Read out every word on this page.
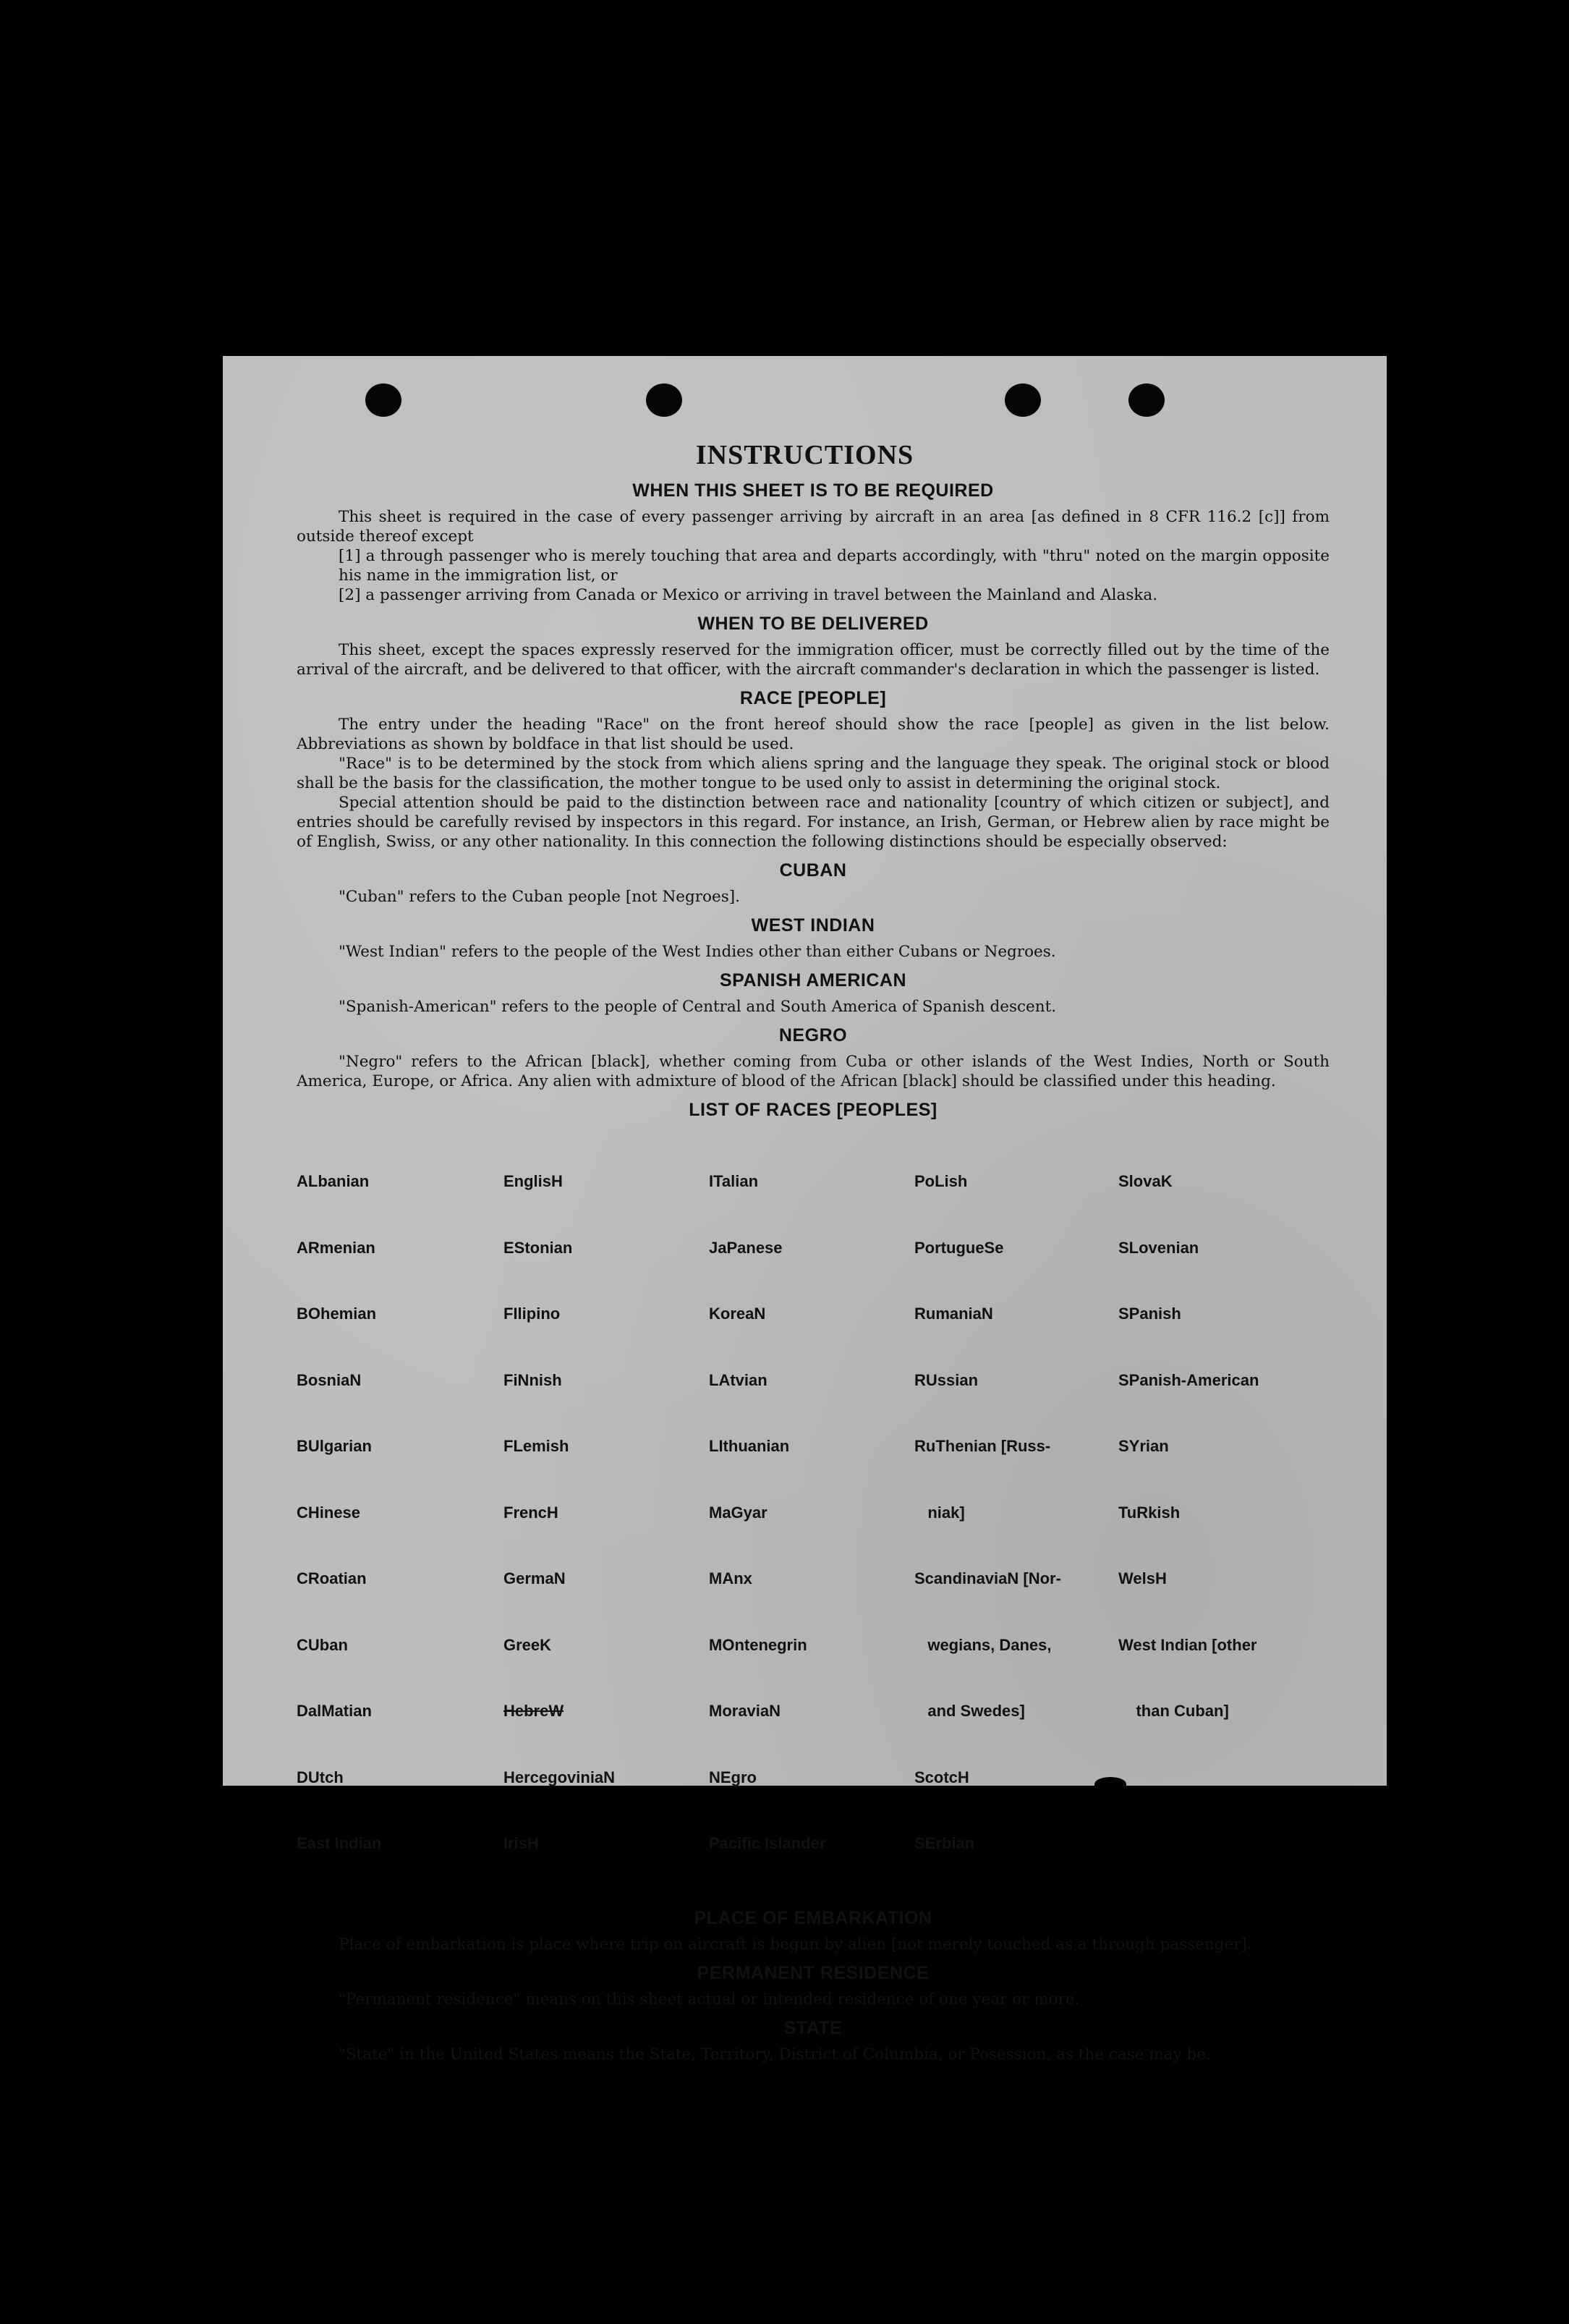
INSTRUCTIONS
WHEN THIS SHEET IS TO BE REQUIRED

This sheet is required in the case of every passenger arriving by aircraft in an area [as defined in 8 CFR 116.2 [c]] from outside thereof except

[1] a through passenger who is merely touching that area and departs accordingly, with "thru" noted on the margin opposite his name in the immigration list, or

[2] a passenger arriving from Canada or Mexico or arriving in travel between the Mainland and Alaska.

WHEN TO BE DELIVERED

This sheet, except the spaces expressly reserved for the immigration officer, must be correctly filled out by the time of the arrival of the aircraft, and be delivered to that officer, with the aircraft commander's declaration in which the passenger is listed.

RACE [PEOPLE]

The entry under the heading "Race" on the front hereof should show the race [people] as given in the list below. Abbreviations as shown by boldface in that list should be used.

"Race" is to be determined by the stock from which aliens spring and the language they speak. The original stock or blood shall be the basis for the classification, the mother tongue to be used only to assist in determining the original stock.

Special attention should be paid to the distinction between race and nationality [country of which citizen or subject], and entries should be carefully revised by inspectors in this regard. For instance, an Irish, German, or Hebrew alien by race might be of English, Swiss, or any other nationality. In this connection the following distinctions should be especially observed:

CUBAN

"Cuban" refers to the Cuban people [not Negroes].

WEST INDIAN

"West Indian" refers to the people of the West Indies other than either Cubans or Negroes.

SPANISH AMERICAN

"Spanish-American" refers to the people of Central and South America of Spanish descent.

NEGRO

"Negro" refers to the African [black], whether coming from Cuba or other islands of the West Indies, North or South America, Europe, or Africa. Any alien with admixture of blood of the African [black] should be classified under this heading.

LIST OF RACES [PEOPLES]

ALbanian

ARmenian

BOhemian

BosniaN

BUlgarian

CHinese

CRoatian

CUban

DalMatian

DUtch

East Indian

EnglisH

EStonian

FIlipino

FiNnish

FLemish

FrencH

GermaN

GreeK

HebreW

HercegoviniaN

IrisH

ITalian

JaPanese

KoreaN

LAtvian

LIthuanian

MaGyar

MAnx

MOntenegrin

MoraviaN

NEgro

Pacific Islander

PoLish

PortugueSe

RumaniaN

RUssian

RuThenian [Russ-

niak]

ScandinaviaN [Nor-

wegians, Danes,

and Swedes]

ScotcH

SErbian

SlovaK

SLovenian

SPanish

SPanish-American

SYrian

TuRkish

WelsH

West Indian [other

than Cuban]

PLACE OF EMBARKATION

Place of embarkation is place where trip on aircraft is begun by alien [not merely touched as a through passenger].

PERMANENT RESIDENCE

"Permanent residence" means on this sheet actual or intended residence of one year or more.

STATE

"State" in the United States means the State, Territory, District of Columbia, or Posession, as the case may be.
